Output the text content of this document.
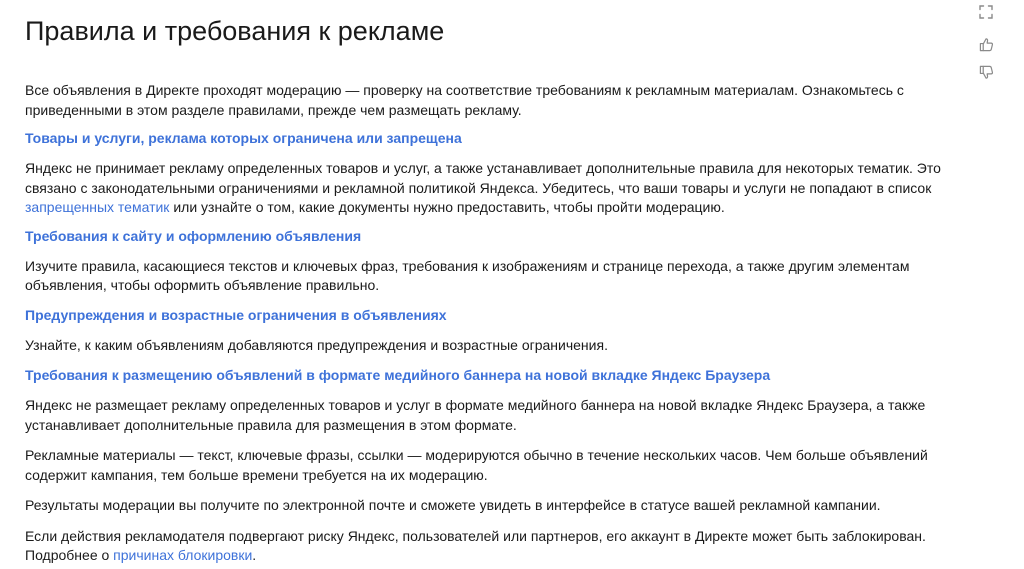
Правила и требования к рекламе

Все объявления в Директе проходят модерацию — проверку на соответствие требованиям к рекламным материалам. Ознакомьтесь с приведенными в этом разделе правилами, прежде чем размещать рекламу.

Товары и услуги, реклама которых ограничена или запрещена

Яндекс не принимает рекламу определенных товаров и услуг, а также устанавливает дополнительные правила для некоторых тематик. Это связано с законодательными ограничениями и рекламной политикой Яндекса. Убедитесь, что ваши товары и услуги не попадают в список запрещенных тематик или узнайте о том, какие документы нужно предоставить, чтобы пройти модерацию.

Требования к сайту и оформлению объявления

Изучите правила, касающиеся текстов и ключевых фраз, требования к изображениям и странице перехода, а также другим элементам объявления, чтобы оформить объявление правильно.

Предупреждения и возрастные ограничения в объявлениях

Узнайте, к каким объявлениям добавляются предупреждения и возрастные ограничения.

Требования к размещению объявлений в формате медийного баннера на новой вкладке Яндекс Браузера

Яндекс не размещает рекламу определенных товаров и услуг в формате медийного баннера на новой вкладке Яндекс Браузера, а также устанавливает дополнительные правила для размещения в этом формате.

Рекламные материалы — текст, ключевые фразы, ссылки — модерируются обычно в течение нескольких часов. Чем больше объявлений содержит кампания, тем больше времени требуется на их модерацию.

Результаты модерации вы получите по электронной почте и сможете увидеть в интерфейсе в статусе вашей рекламной кампании.

Если действия рекламодателя подвергают риску Яндекс, пользователей или партнеров, его аккаунт в Директе может быть заблокирован. Подробнее о причинах блокировки.
